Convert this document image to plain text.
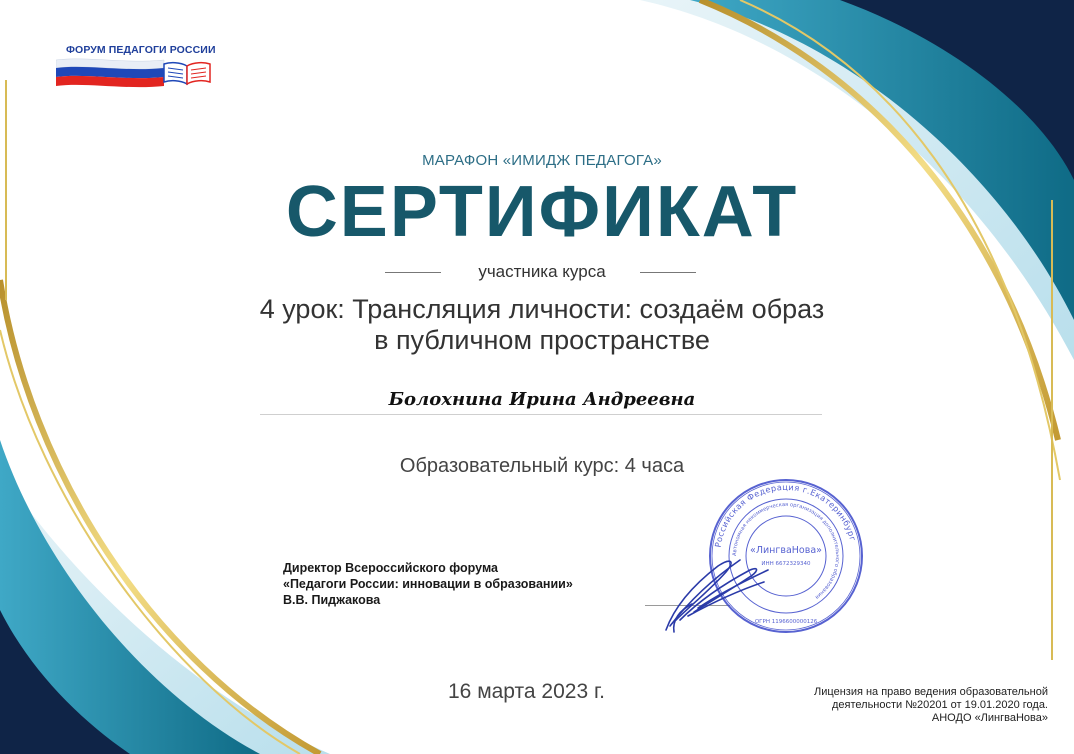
ФОРУМ ПЕДАГОГИ РОССИИ
МАРАФОН «ИМИДЖ ПЕДАГОГА»
СЕРТИФИКАТ
участника курса
4 урок: Трансляция личности: создаём образ
в публичном пространстве
Болохнина Ирина Андреевна
Образовательный курс: 4 часа
Директор Всероссийского форума
«Педагоги России: инновации в образовании»
В.В. Пиджакова
Российская Федерация г.Екатеринбург
Автономная некоммерческая организация дополнительного образования
«ЛингваНова»
ИНН 6672329340
ОГРН 1196600000126
16 марта 2023 г.	Лицензия на право ведения образовательной
деятельности №20201 от 19.01.2020 года.
АНОДО «ЛингваНова»
